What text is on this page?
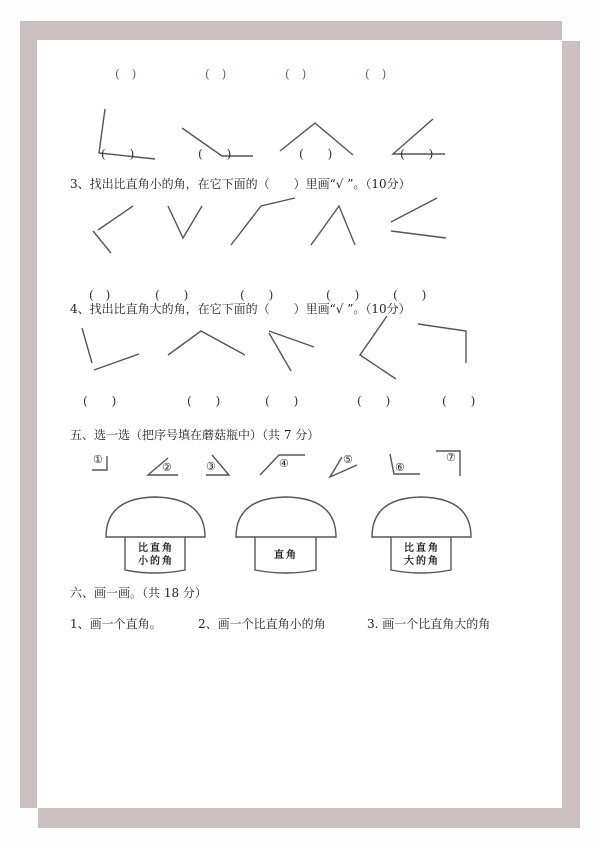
(　)	(　)	(　)	(　)
(　　)	(　　)	(　　)	(　　)
3、找出比直角小的角，在它下面的（　　）里画“√ ”。（10分）
(　)	(　　)	(　　)	(　　)	(　　)
4、找出比直角大的角，在它下面的（　　）里画“√ ”。（10分）
(　　)	(　　)	(　　)	(　　)	(　　)
五、选一选（把序号填在蘑菇瓶中）（共 7 分）
①
②	③	④	⑤
⑥
⑦
比直角
小的角
直角
比直角
大的角
六、画一画。（共 18 分）
1、画一个直角。	2、画一个比直角小的角	3. 画一个比直角大的角
